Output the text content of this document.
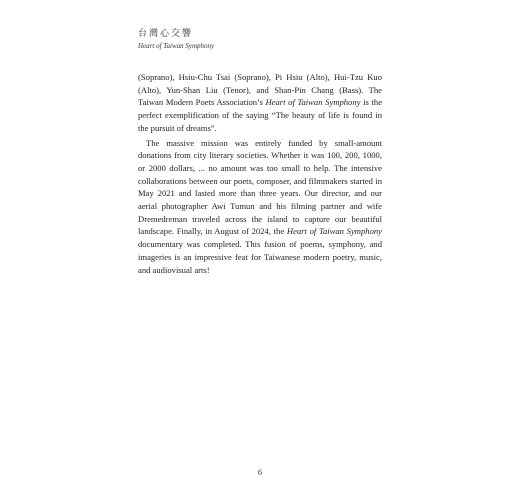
台灣心交響
Heart of Taiwan Symphony

(Soprano), Hsiu-Chu Tsai (Soprano), Pi Hsiu (Alto), Hui-Tzu Kuo (Alto), Yun-Shan Liu (Tenor), and Shan-Pin Chang (Bass). The Taiwan Modern Poets Association’s Heart of Taiwan Symphony is the perfect exemplification of the saying “The beauty of life is found in the pursuit of dreams”.

The massive mission was entirely funded by small-amount donations from city literary societies. Whether it was 100, 200, 1000, or 2000 dollars, ... no amount was too small to help. The intensive collaborations between our poets, composer, and filmmakers started in May 2021 and lasted more than three years. Our director, and our aerial photographer Awi Tumun and his filming partner and wife Dremedreman traveled across the island to capture our beautiful landscape. Finally, in August of 2024, the Heart of Taiwan Symphony documentary was completed. This fusion of poems, symphony, and imageries is an impressive feat for Taiwanese modern poetry, music, and audiovisual arts!

6
